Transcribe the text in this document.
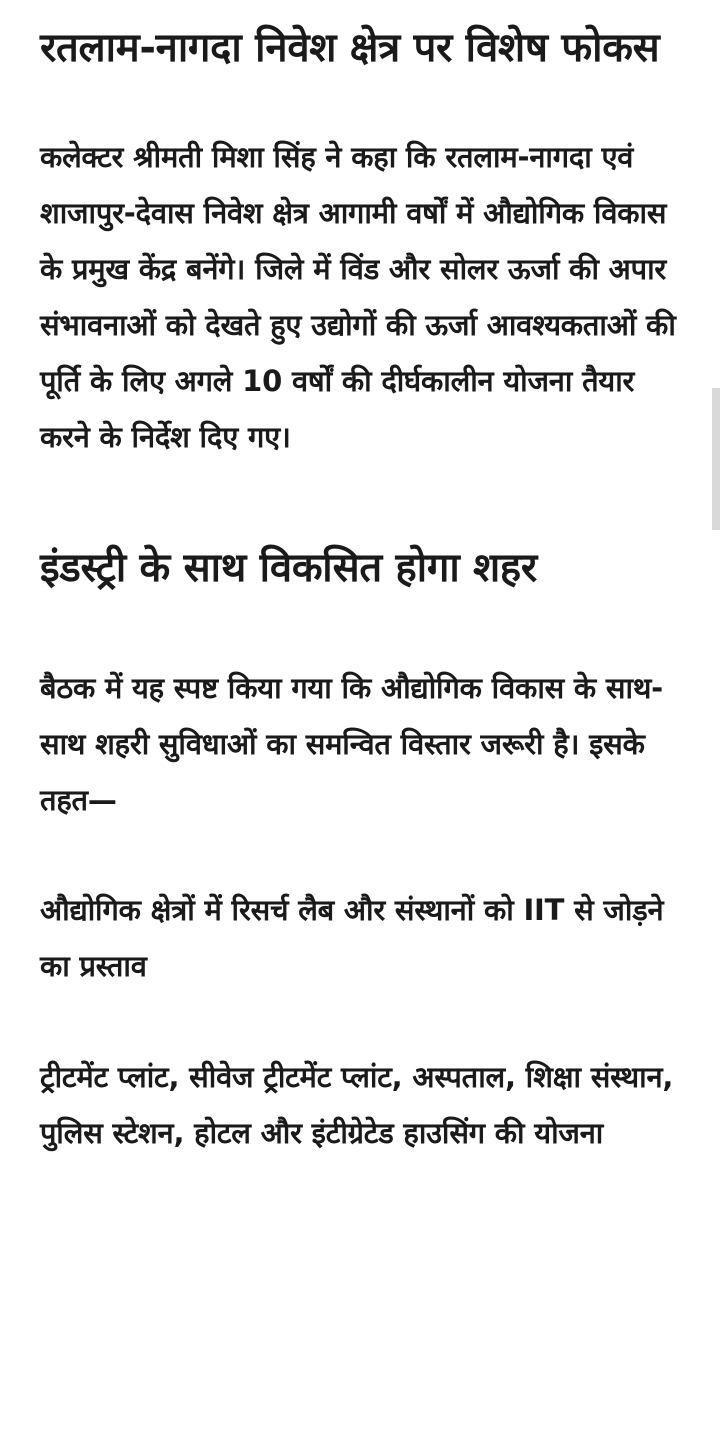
रतलाम-नागदा निवेश क्षेत्र पर विशेष फोकस

कलेक्टर श्रीमती मिशा सिंह ने कहा कि रतलाम-नागदा एवं शाजापुर-देवास निवेश क्षेत्र आगामी वर्षों में औद्योगिक विकास के प्रमुख केंद्र बनेंगे। जिले में विंड और सोलर ऊर्जा की अपार संभावनाओं को देखते हुए उद्योगों की ऊर्जा आवश्यकताओं की पूर्ति के लिए अगले 10 वर्षों की दीर्घकालीन योजना तैयार करने के निर्देश दिए गए।

इंडस्ट्री के साथ विकसित होगा शहर

बैठक में यह स्पष्ट किया गया कि औद्योगिक विकास के साथ-साथ शहरी सुविधाओं का समन्वित विस्तार जरूरी है। इसके तहत—

औद्योगिक क्षेत्रों में रिसर्च लैब और संस्थानों को IIT से जोड़ने का प्रस्ताव

ट्रीटमेंट प्लांट, सीवेज ट्रीटमेंट प्लांट, अस्पताल, शिक्षा संस्थान, पुलिस स्टेशन, होटल और इंटीग्रेटेड हाउसिंग की योजना
